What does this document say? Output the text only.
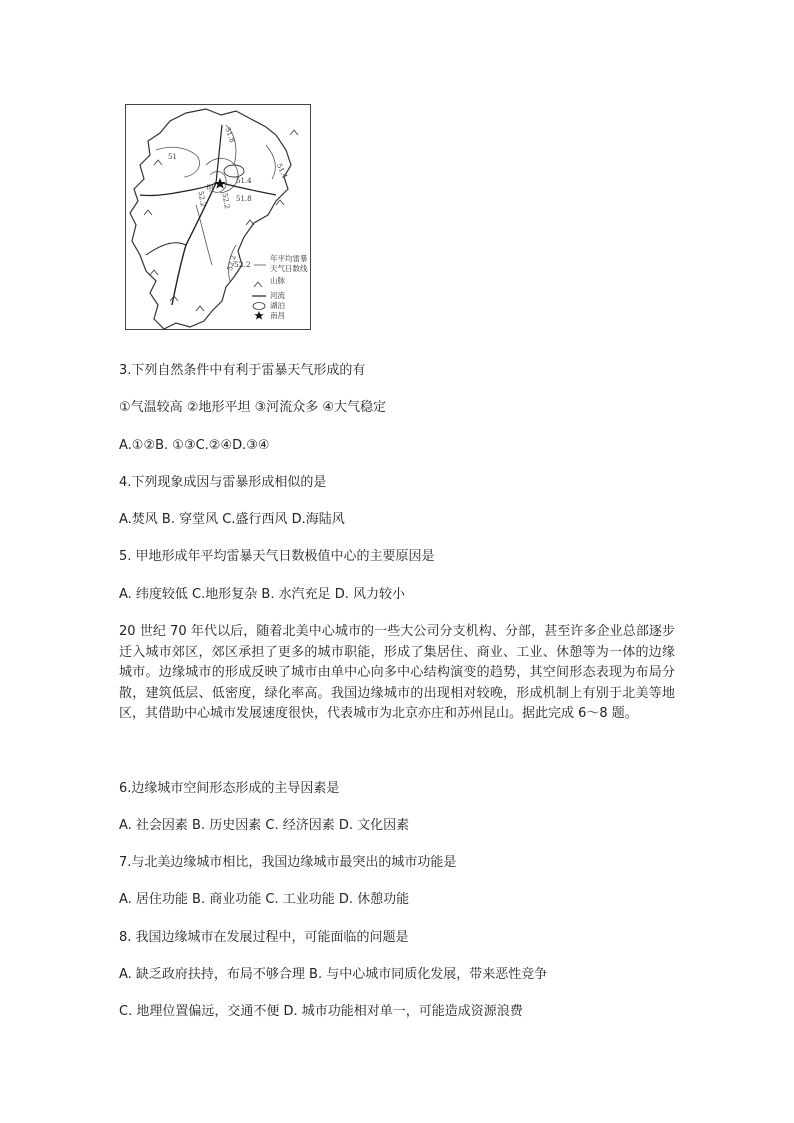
51
51.8
51.4
51.4
51.8
52.2 52.2
52.2
甲
52.2
年平均雷暴天气日数线
山脉
河流
湖泊
南昌
3.下列自然条件中有利于雷暴天气形成的有
①气温较高 ②地形平坦 ③河流众多 ④大气稳定
A.①②B. ①③C.②④D.③④
4.下列现象成因与雷暴形成相似的是
A.焚风 B. 穿堂风 C.盛行西风 D.海陆风
5. 甲地形成年平均雷暴天气日数极值中心的主要原因是
A. 纬度较低 C.地形复杂 B. 水汽充足 D. 风力较小
20 世纪 70 年代以后，随着北美中心城市的一些大公司分支机构、分部，甚至许多企业总部逐步迁入城市郊区，郊区承担了更多的城市职能，形成了集居住、商业、工业、休憩等为一体的边缘城市。边缘城市的形成反映了城市由单中心向多中心结构演变的趋势，其空间形态表现为布局分散，建筑低层、低密度，绿化率高。我国边缘城市的出现相对较晚，形成机制上有别于北美等地区，其借助中心城市发展速度很快，代表城市为北京亦庄和苏州昆山。据此完成 6～8 题。
6.边缘城市空间形态形成的主导因素是
A. 社会因素 B. 历史因素 C. 经济因素 D. 文化因素
7.与北美边缘城市相比，我国边缘城市最突出的城市功能是
A. 居住功能 B. 商业功能 C. 工业功能 D. 休憩功能
8. 我国边缘城市在发展过程中，可能面临的问题是
A. 缺乏政府扶持，布局不够合理 B. 与中心城市同质化发展，带来恶性竞争
C. 地理位置偏远，交通不便 D. 城市功能相对单一，可能造成资源浪费
